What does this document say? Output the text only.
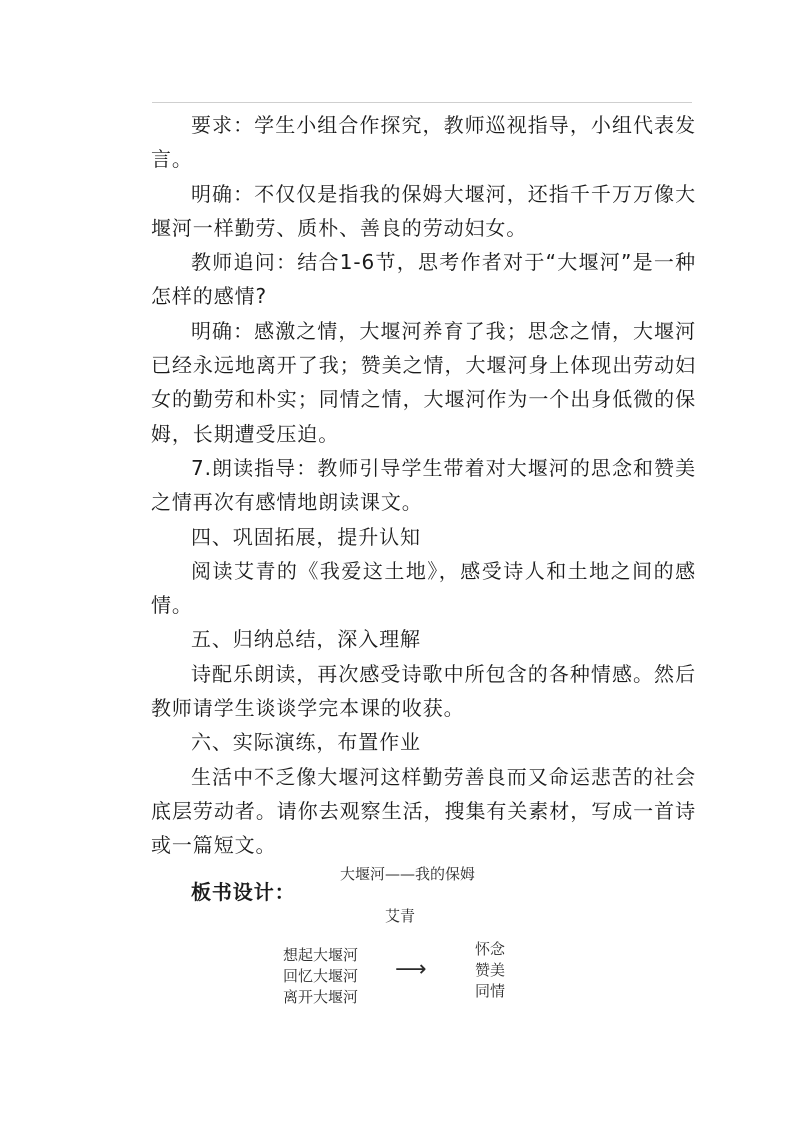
要求：学生小组合作探究，教师巡视指导，小组代表发言。

明确：不仅仅是指我的保姆大堰河，还指千千万万像大堰河一样勤劳、质朴、善良的劳动妇女。

教师追问：结合1-6节，思考作者对于“大堰河”是一种怎样的感情?

明确：感激之情，大堰河养育了我；思念之情，大堰河已经永远地离开了我；赞美之情，大堰河身上体现出劳动妇女的勤劳和朴实；同情之情，大堰河作为一个出身低微的保姆，长期遭受压迫。

7.朗读指导：教师引导学生带着对大堰河的思念和赞美之情再次有感情地朗读课文。

四、巩固拓展，提升认知

阅读艾青的《我爱这土地》，感受诗人和土地之间的感情。

五、归纳总结，深入理解

诗配乐朗读，再次感受诗歌中所包含的各种情感。然后教师请学生谈谈学完本课的收获。

六、实际演练，布置作业

生活中不乏像大堰河这样勤劳善良而又命运悲苦的社会底层劳动者。请你去观察生活，搜集有关素材，写成一首诗或一篇短文。

板书设计：

大堰河——我的保姆
艾青
想起大堰河
回忆大堰河
离开大堰河
⟶
怀念
赞美
同情
